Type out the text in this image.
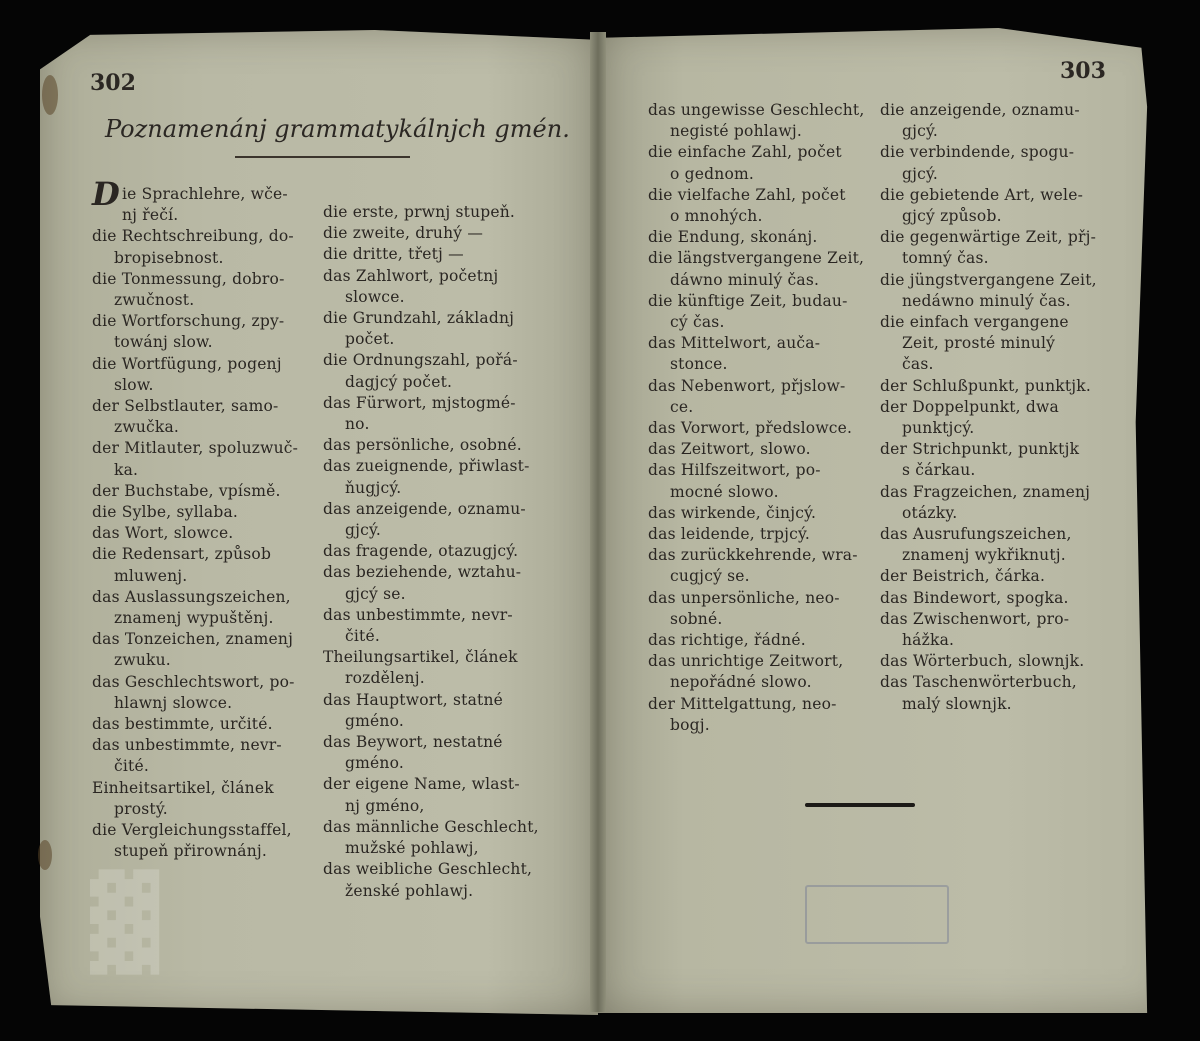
▓
302	303
Poznamenánj grammatykálnjch gmén.
Die Sprachlehre, wče-
nj řečí.
die Rechtschreibung, do-
bropisebnost.
die Tonmessung, dobro-
zwučnost.
die Wortforschung, zpy-
towánj slow.
die Wortfügung, pogenj
slow.
der Selbstlauter, samo-
zwučka.
der Mitlauter, spoluzwuč-
ka.
der Buchstabe, vpísmě.
die Sylbe, syllaba.
das Wort, slowce.
die Redensart, způsob
mluwenj.
das Auslassungszeichen,
znamenj wypuštěnj.
das Tonzeichen, znamenj
zwuku.
das Geschlechtswort, po-
hlawnj slowce.
das bestimmte, určité.
das unbestimmte, nevr-
čité.
Einheitsartikel, článek
prostý.
die Vergleichungsstaffel,
stupeň přirownánj.
die erste, prwnj stupeň.
die zweite, druhý —
die dritte, třetj —
das Zahlwort, početnj
slowce.
die Grundzahl, základnj
počet.
die Ordnungszahl, pořá-
dagjcý počet.
das Fürwort, mjstogmé-
no.
das persönliche, osobné.
das zueignende, přiwlast-
ňugjcý.
das anzeigende, oznamu-
gjcý.
das fragende, otazugjcý.
das beziehende, wztahu-
gjcý se.
das unbestimmte, nevr-
čité.
Theilungsartikel, článek
rozdělenj.
das Hauptwort, statné
gméno.
das Beywort, nestatné
gméno.
der eigene Name, wlast-
nj gméno,
das männliche Geschlecht,
mužské pohlawj,
das weibliche Geschlecht,
ženské pohlawj.
das ungewisse Geschlecht,
negisté pohlawj.
die einfache Zahl, počet
o gednom.
die vielfache Zahl, počet
o mnohých.
die Endung, skonánj.
die längstvergangene Zeit,
dáwno minulý čas.
die künftige Zeit, budau-
cý čas.
das Mittelwort, auča-
stonce.
das Nebenwort, přjslow-
ce.
das Vorwort, předslowce.
das Zeitwort, slowo.
das Hilfszeitwort, po-
mocné slowo.
das wirkende, činjcý.
das leidende, trpjcý.
das zurückkehrende, wra-
cugjcý se.
das unpersönliche, neo-
sobné.
das richtige, řádné.
das unrichtige Zeitwort,
nepořádné slowo.
der Mittelgattung, neo-
bogj.
die anzeigende, oznamu-
gjcý.
die verbindende, spogu-
gjcý.
die gebietende Art, wele-
gjcý způsob.
die gegenwärtige Zeit, přj-
tomný čas.
die jüngstvergangene Zeit,
nedáwno minulý čas.
die einfach vergangene
Zeit, prosté minulý
čas.
der Schlußpunkt, punktjk.
der Doppelpunkt, dwa
punktjcý.
der Strichpunkt, punktjk
s čárkau.
das Fragzeichen, znamenj
otázky.
das Ausrufungszeichen,
znamenj wykřiknutj.
der Beistrich, čárka.
das Bindewort, spogka.
das Zwischenwort, pro-
hážka.
das Wörterbuch, slownjk.
das Taschenwörterbuch,
malý slownjk.
